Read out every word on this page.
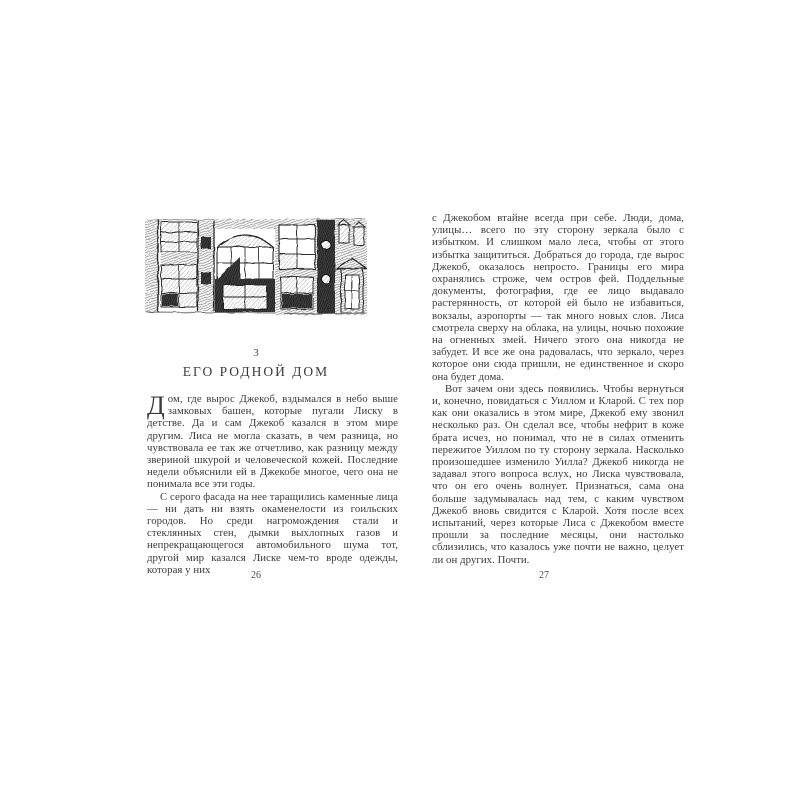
3
ЕГО РОДНОЙ ДОМ

Дом, где вырос Джекоб, вздымался в небо выше замковых башен, которые пугали Лиску в детстве. Да и сам Джекоб казался в этом мире другим. Лиса не могла сказать, в чем разница, но чувствовала ее так же отчетливо, как разницу между звериной шкурой и человеческой кожей. Последние недели объяснили ей в Джекобе многое, чего она не понимала все эти годы.

С серого фасада на нее таращились каменные лица — ни дать ни взять окаменелости из гоильских городов. Но среди нагромождения стали и стеклянных стен, дымки выхлопных газов и непрекращающегося автомобильного шума тот, другой мир казался Лиске чем-то вроде одежды, которая у них	26

с Джекобом втайне всегда при себе. Люди, дома, улицы… всего по эту сторону зеркала было с избытком. И слишком мало леса, чтобы от этого избытка защититься. Добраться до города, где вырос Джекоб, оказалось непросто. Границы его мира охранялись строже, чем остров фей. Поддельные документы, фотография, где ее лицо выдавало растерянность, от которой ей было не избавиться, вокзалы, аэропорты — так много новых слов. Лиса смотрела сверху на облака, на улицы, ночью похожие на огненных змей. Ничего этого она никогда не забудет. И все же она радовалась, что зеркало, через которое они сюда пришли, не единственное и скоро она будет дома.

Вот зачем они здесь появились. Чтобы вернуться и, конечно, повидаться с Уиллом и Кларой. С тех пор как они оказались в этом мире, Джекоб ему звонил несколько раз. Он сделал все, чтобы нефрит в коже брата исчез, но понимал, что не в силах отменить пережитое Уиллом по ту сторону зеркала. Насколько произошедшее изменило Уилла? Джекоб никогда не задавал этого вопроса вслух, но Лиска чувствовала, что он его очень волнует. Признаться, сама она больше задумывалась над тем, с каким чувством Джекоб вновь свидится с Кларой. Хотя после всех испытаний, через которые Лиса с Джекобом вместе прошли за последние месяцы, они настолько сблизились, что казалось уже почти не важно, целует ли он других. Почти.

27
